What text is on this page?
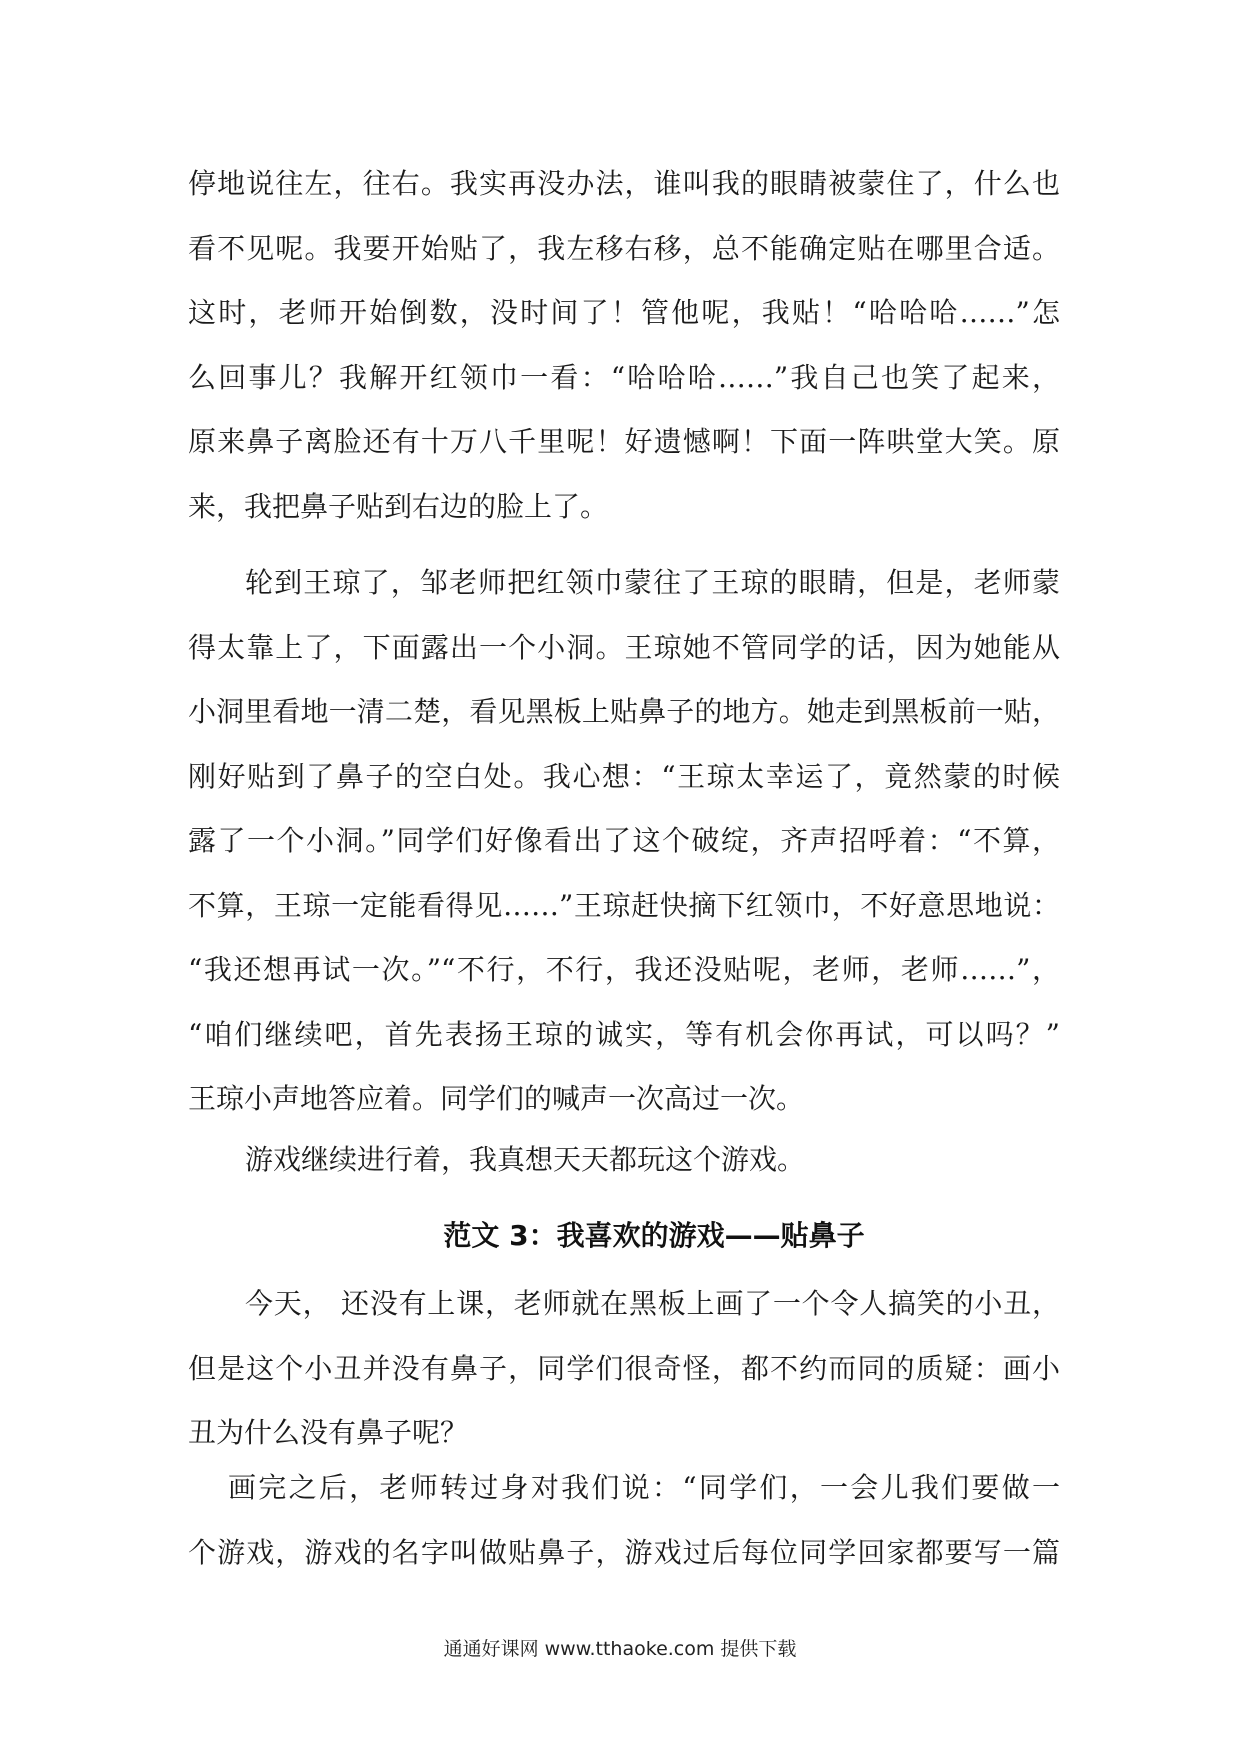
停地说往左，往右。我实再没办法，谁叫我的眼睛被蒙住了，什么也
看不见呢。我要开始贴了，我左移右移，总不能确定贴在哪里合适。
这时，老师开始倒数，没时间了！管他呢，我贴！“哈哈哈……”怎
么回事儿？我解开红领巾一看：“哈哈哈……”我自己也笑了起来，
原来鼻子离脸还有十万八千里呢！好遗憾啊！下面一阵哄堂大笑。原
来，我把鼻子贴到右边的脸上了。
轮到王琼了，邹老师把红领巾蒙往了王琼的眼睛，但是，老师蒙
得太靠上了，下面露出一个小洞。王琼她不管同学的话，因为她能从
小洞里看地一清二楚，看见黑板上贴鼻子的地方。她走到黑板前一贴，
刚好贴到了鼻子的空白处。我心想：“王琼太幸运了，竟然蒙的时候
露了一个小洞。”同学们好像看出了这个破绽，齐声招呼着：“不算，
不算，王琼一定能看得见……”王琼赶快摘下红领巾，不好意思地说：
“我还想再试一次。”“不行，不行，我还没贴呢，老师，老师……”，
“咱们继续吧，首先表扬王琼的诚实，等有机会你再试，可以吗？”
王琼小声地答应着。同学们的喊声一次高过一次。
游戏继续进行着，我真想天天都玩这个游戏。
范文 3：我喜欢的游戏——贴鼻子
今天， 还没有上课，老师就在黑板上画了一个令人搞笑的小丑，
但是这个小丑并没有鼻子，同学们很奇怪，都不约而同的质疑：画小
丑为什么没有鼻子呢？
画完之后，老师转过身对我们说：“同学们，一会儿我们要做一
个游戏，游戏的名字叫做贴鼻子，游戏过后每位同学回家都要写一篇
通通好课网 www.tthaoke.com 提供下载
